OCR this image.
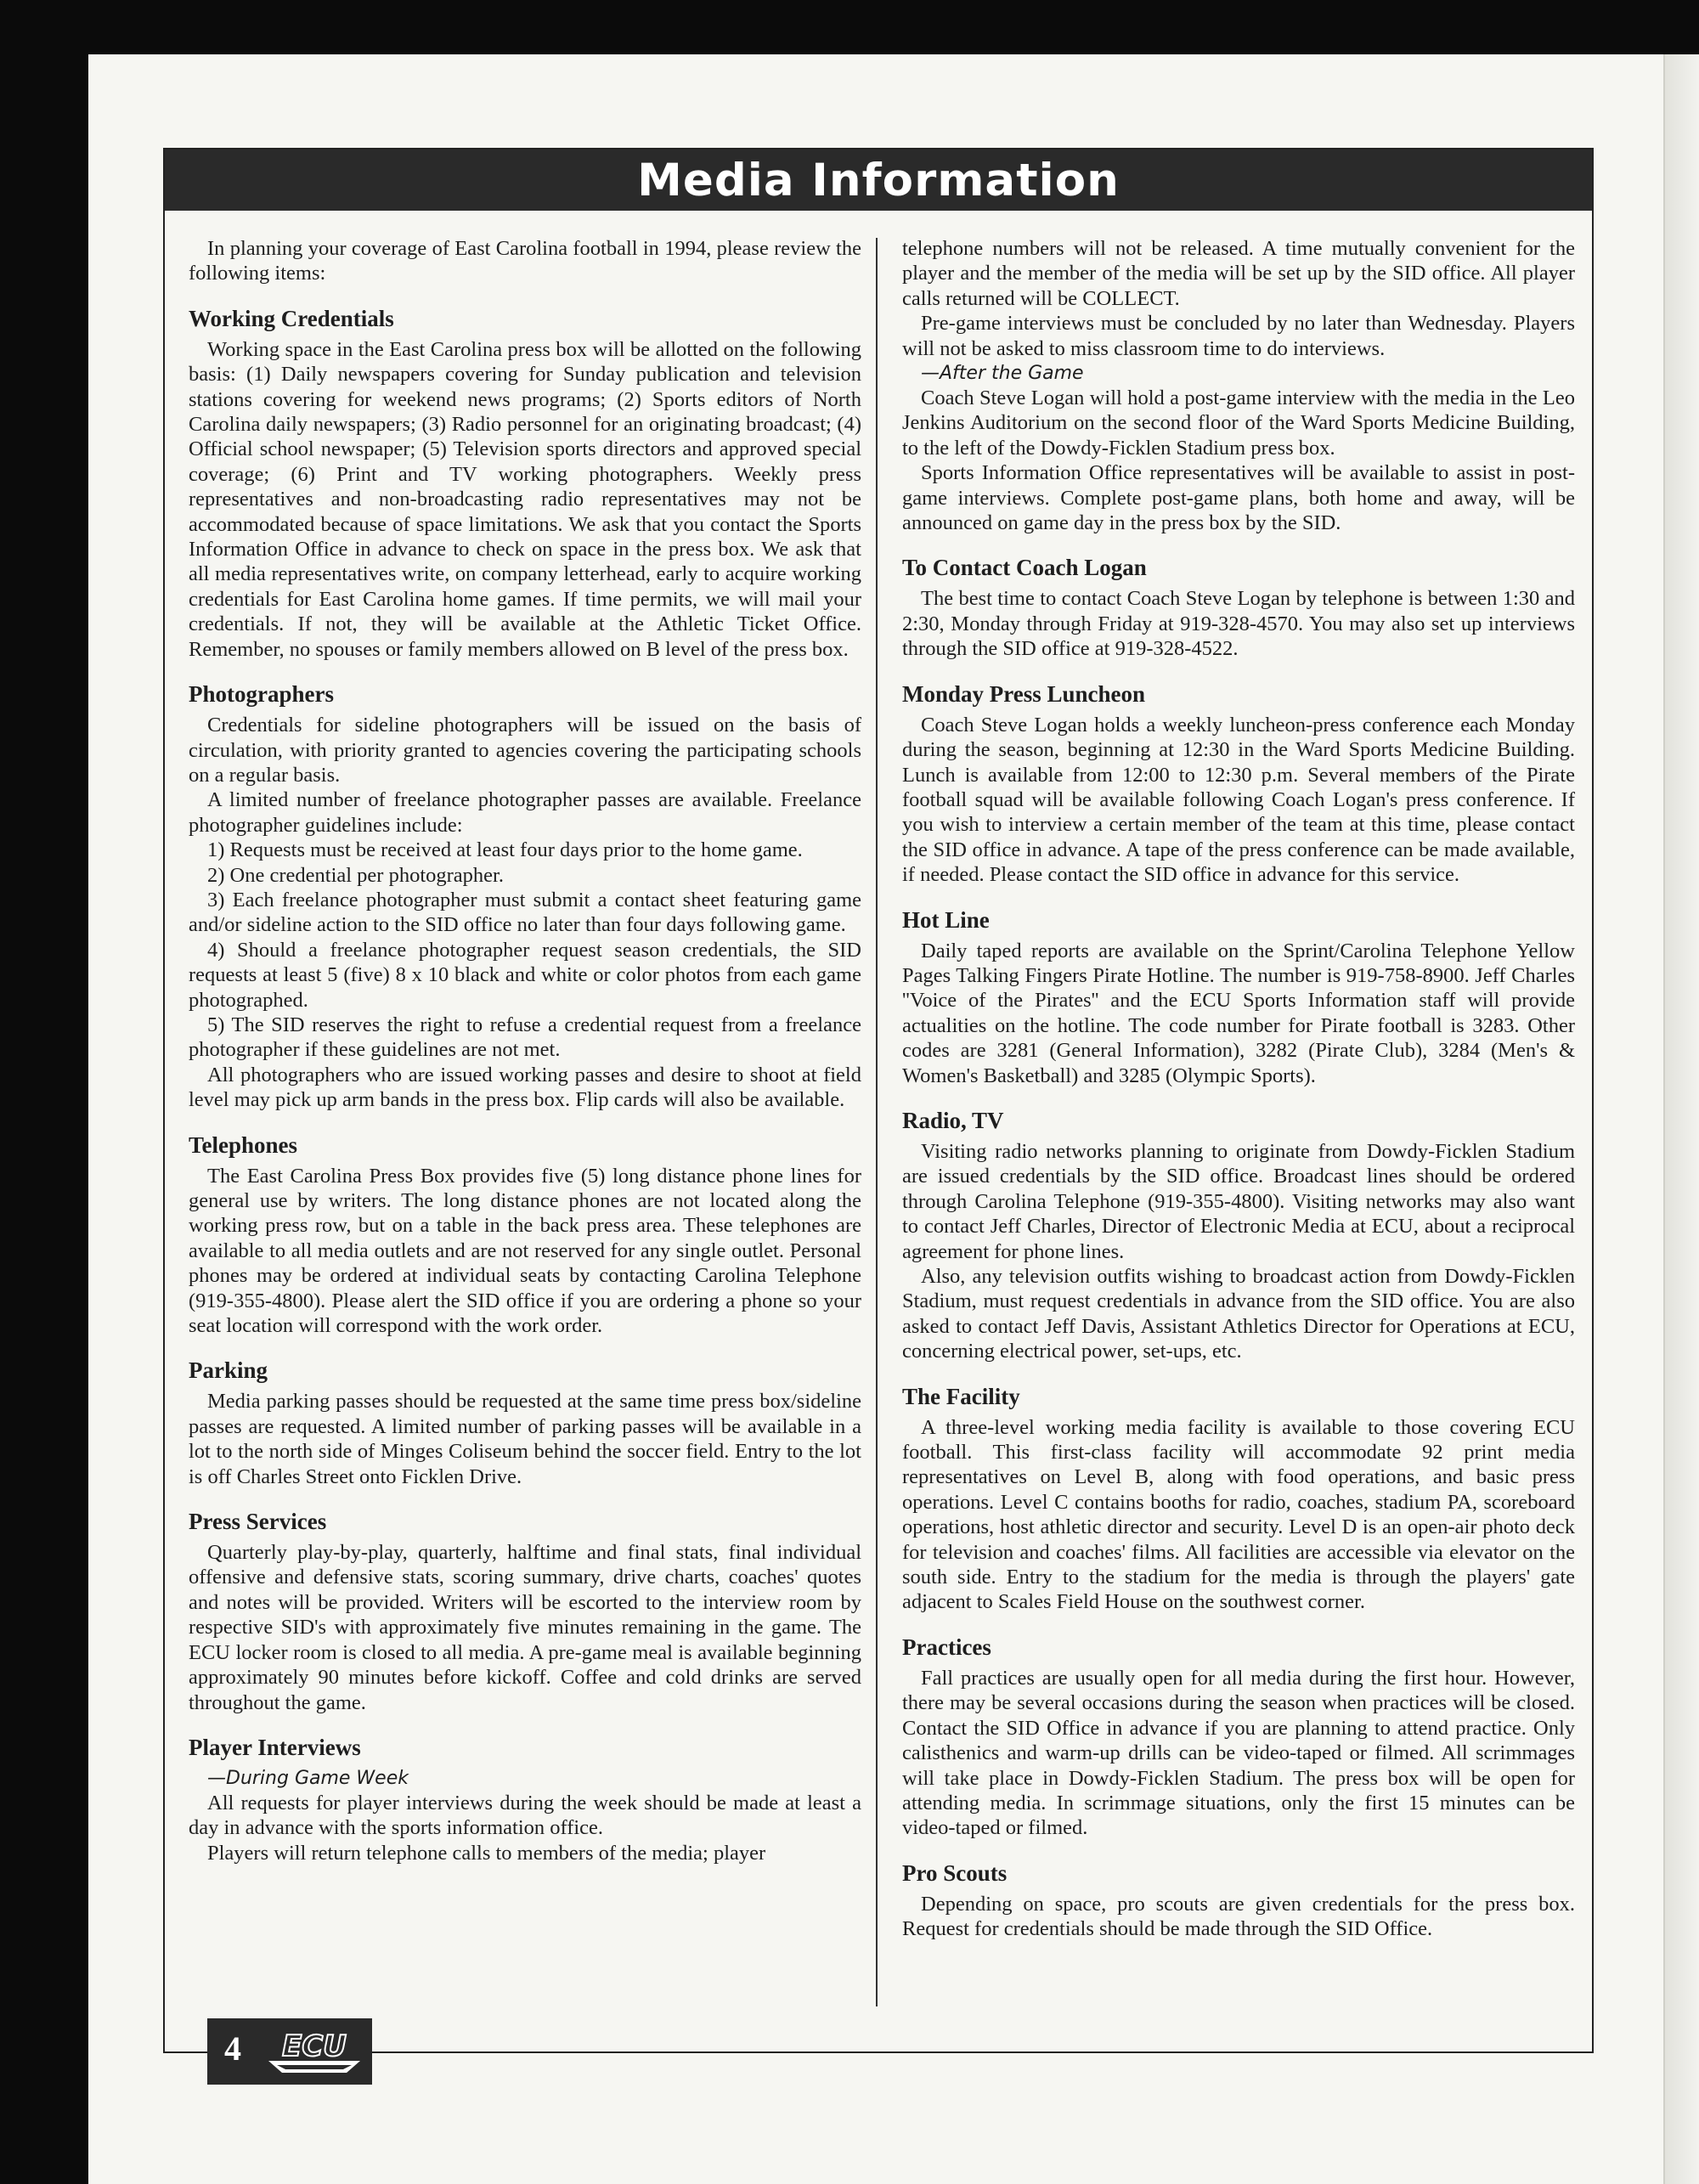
Media Information

In planning your coverage of East Carolina football in 1994, please review the following items:

Working Credentials

Working space in the East Carolina press box will be allotted on the following basis: (1) Daily newspapers covering for Sunday publication and television stations covering for weekend news programs; (2) Sports editors of North Carolina daily newspapers; (3) Radio personnel for an originating broadcast; (4) Official school newspaper; (5) Television sports directors and approved special coverage; (6) Print and TV working photographers. Weekly press representatives and non-broadcasting radio representatives may not be accommodated because of space limitations. We ask that you contact the Sports Information Office in advance to check on space in the press box. We ask that all media representatives write, on company letterhead, early to acquire working credentials for East Carolina home games. If time permits, we will mail your credentials. If not, they will be available at the Athletic Ticket Office. Remember, no spouses or family members allowed on B level of the press box.

Photographers

Credentials for sideline photographers will be issued on the basis of circulation, with priority granted to agencies covering the participating schools on a regular basis.

A limited number of freelance photographer passes are available. Freelance photographer guidelines include:

1) Requests must be received at least four days prior to the home game.

2) One credential per photographer.

3) Each freelance photographer must submit a contact sheet featuring game and/or sideline action to the SID office no later than four days following game.

4) Should a freelance photographer request season credentials, the SID requests at least 5 (five) 8 x 10 black and white or color photos from each game photographed.

5) The SID reserves the right to refuse a credential request from a freelance photographer if these guidelines are not met.

All photographers who are issued working passes and desire to shoot at field level may pick up arm bands in the press box. Flip cards will also be available.

Telephones

The East Carolina Press Box provides five (5) long distance phone lines for general use by writers. The long distance phones are not located along the working press row, but on a table in the back press area. These telephones are available to all media outlets and are not reserved for any single outlet. Personal phones may be ordered at individual seats by contacting Carolina Telephone (919-355-4800). Please alert the SID office if you are ordering a phone so your seat location will correspond with the work order.

Parking

Media parking passes should be requested at the same time press box/sideline passes are requested. A limited number of parking passes will be available in a lot to the north side of Minges Coliseum behind the soccer field. Entry to the lot is off Charles Street onto Ficklen Drive.

Press Services

Quarterly play-by-play, quarterly, halftime and final stats, final individual offensive and defensive stats, scoring summary, drive charts, coaches' quotes and notes will be provided. Writers will be escorted to the interview room by respective SID's with approximately five minutes remaining in the game. The ECU locker room is closed to all media. A pre-game meal is available beginning approximately 90 minutes before kickoff. Coffee and cold drinks are served throughout the game.

Player Interviews

—During Game Week

All requests for player interviews during the week should be made at least a day in advance with the sports information office.

Players will return telephone calls to members of the media; player

telephone numbers will not be released. A time mutually convenient for the player and the member of the media will be set up by the SID office. All player calls returned will be COLLECT.

Pre-game interviews must be concluded by no later than Wednesday. Players will not be asked to miss classroom time to do interviews.

—After the Game

Coach Steve Logan will hold a post-game interview with the media in the Leo Jenkins Auditorium on the second floor of the Ward Sports Medicine Building, to the left of the Dowdy-Ficklen Stadium press box.

Sports Information Office representatives will be available to assist in post-game interviews. Complete post-game plans, both home and away, will be announced on game day in the press box by the SID.

To Contact Coach Logan

The best time to contact Coach Steve Logan by telephone is between 1:30 and 2:30, Monday through Friday at 919-328-4570. You may also set up interviews through the SID office at 919-328-4522.

Monday Press Luncheon

Coach Steve Logan holds a weekly luncheon-press conference each Monday during the season, beginning at 12:30 in the Ward Sports Medicine Building. Lunch is available from 12:00 to 12:30 p.m. Several members of the Pirate football squad will be available following Coach Logan's press conference. If you wish to interview a certain member of the team at this time, please contact the SID office in advance. A tape of the press conference can be made available, if needed. Please contact the SID office in advance for this service.

Hot Line

Daily taped reports are available on the Sprint/Carolina Telephone Yellow Pages Talking Fingers Pirate Hotline. The number is 919-758-8900. Jeff Charles ''Voice of the Pirates'' and the ECU Sports Information staff will provide actualities on the hotline. The code number for Pirate football is 3283. Other codes are 3281 (General Information), 3282 (Pirate Club), 3284 (Men's & Women's Basketball) and 3285 (Olympic Sports).

Radio, TV

Visiting radio networks planning to originate from Dowdy-Ficklen Stadium are issued credentials by the SID office. Broadcast lines should be ordered through Carolina Telephone (919-355-4800). Visiting networks may also want to contact Jeff Charles, Director of Electronic Media at ECU, about a reciprocal agreement for phone lines.

Also, any television outfits wishing to broadcast action from Dowdy-Ficklen Stadium, must request credentials in advance from the SID office. You are also asked to contact Jeff Davis, Assistant Athletics Director for Operations at ECU, concerning electrical power, set-ups, etc.

The Facility

A three-level working media facility is available to those covering ECU football. This first-class facility will accommodate 92 print media representatives on Level B, along with food operations, and basic press operations. Level C contains booths for radio, coaches, stadium PA, scoreboard operations, host athletic director and security. Level D is an open-air photo deck for television and coaches' films. All facilities are accessible via elevator on the south side. Entry to the stadium for the media is through the players' gate adjacent to Scales Field House on the southwest corner.

Practices

Fall practices are usually open for all media during the first hour. However, there may be several occasions during the season when practices will be closed. Contact the SID Office in advance if you are planning to attend practice. Only calisthenics and warm-up drills can be video-taped or filmed. All scrimmages will take place in Dowdy-Ficklen Stadium. The press box will be open for attending media. In scrimmage situations, only the first 15 minutes can be video-taped or filmed.

Pro Scouts

Depending on space, pro scouts are given credentials for the press box. Request for credentials should be made through the SID Office.

4 ECU
